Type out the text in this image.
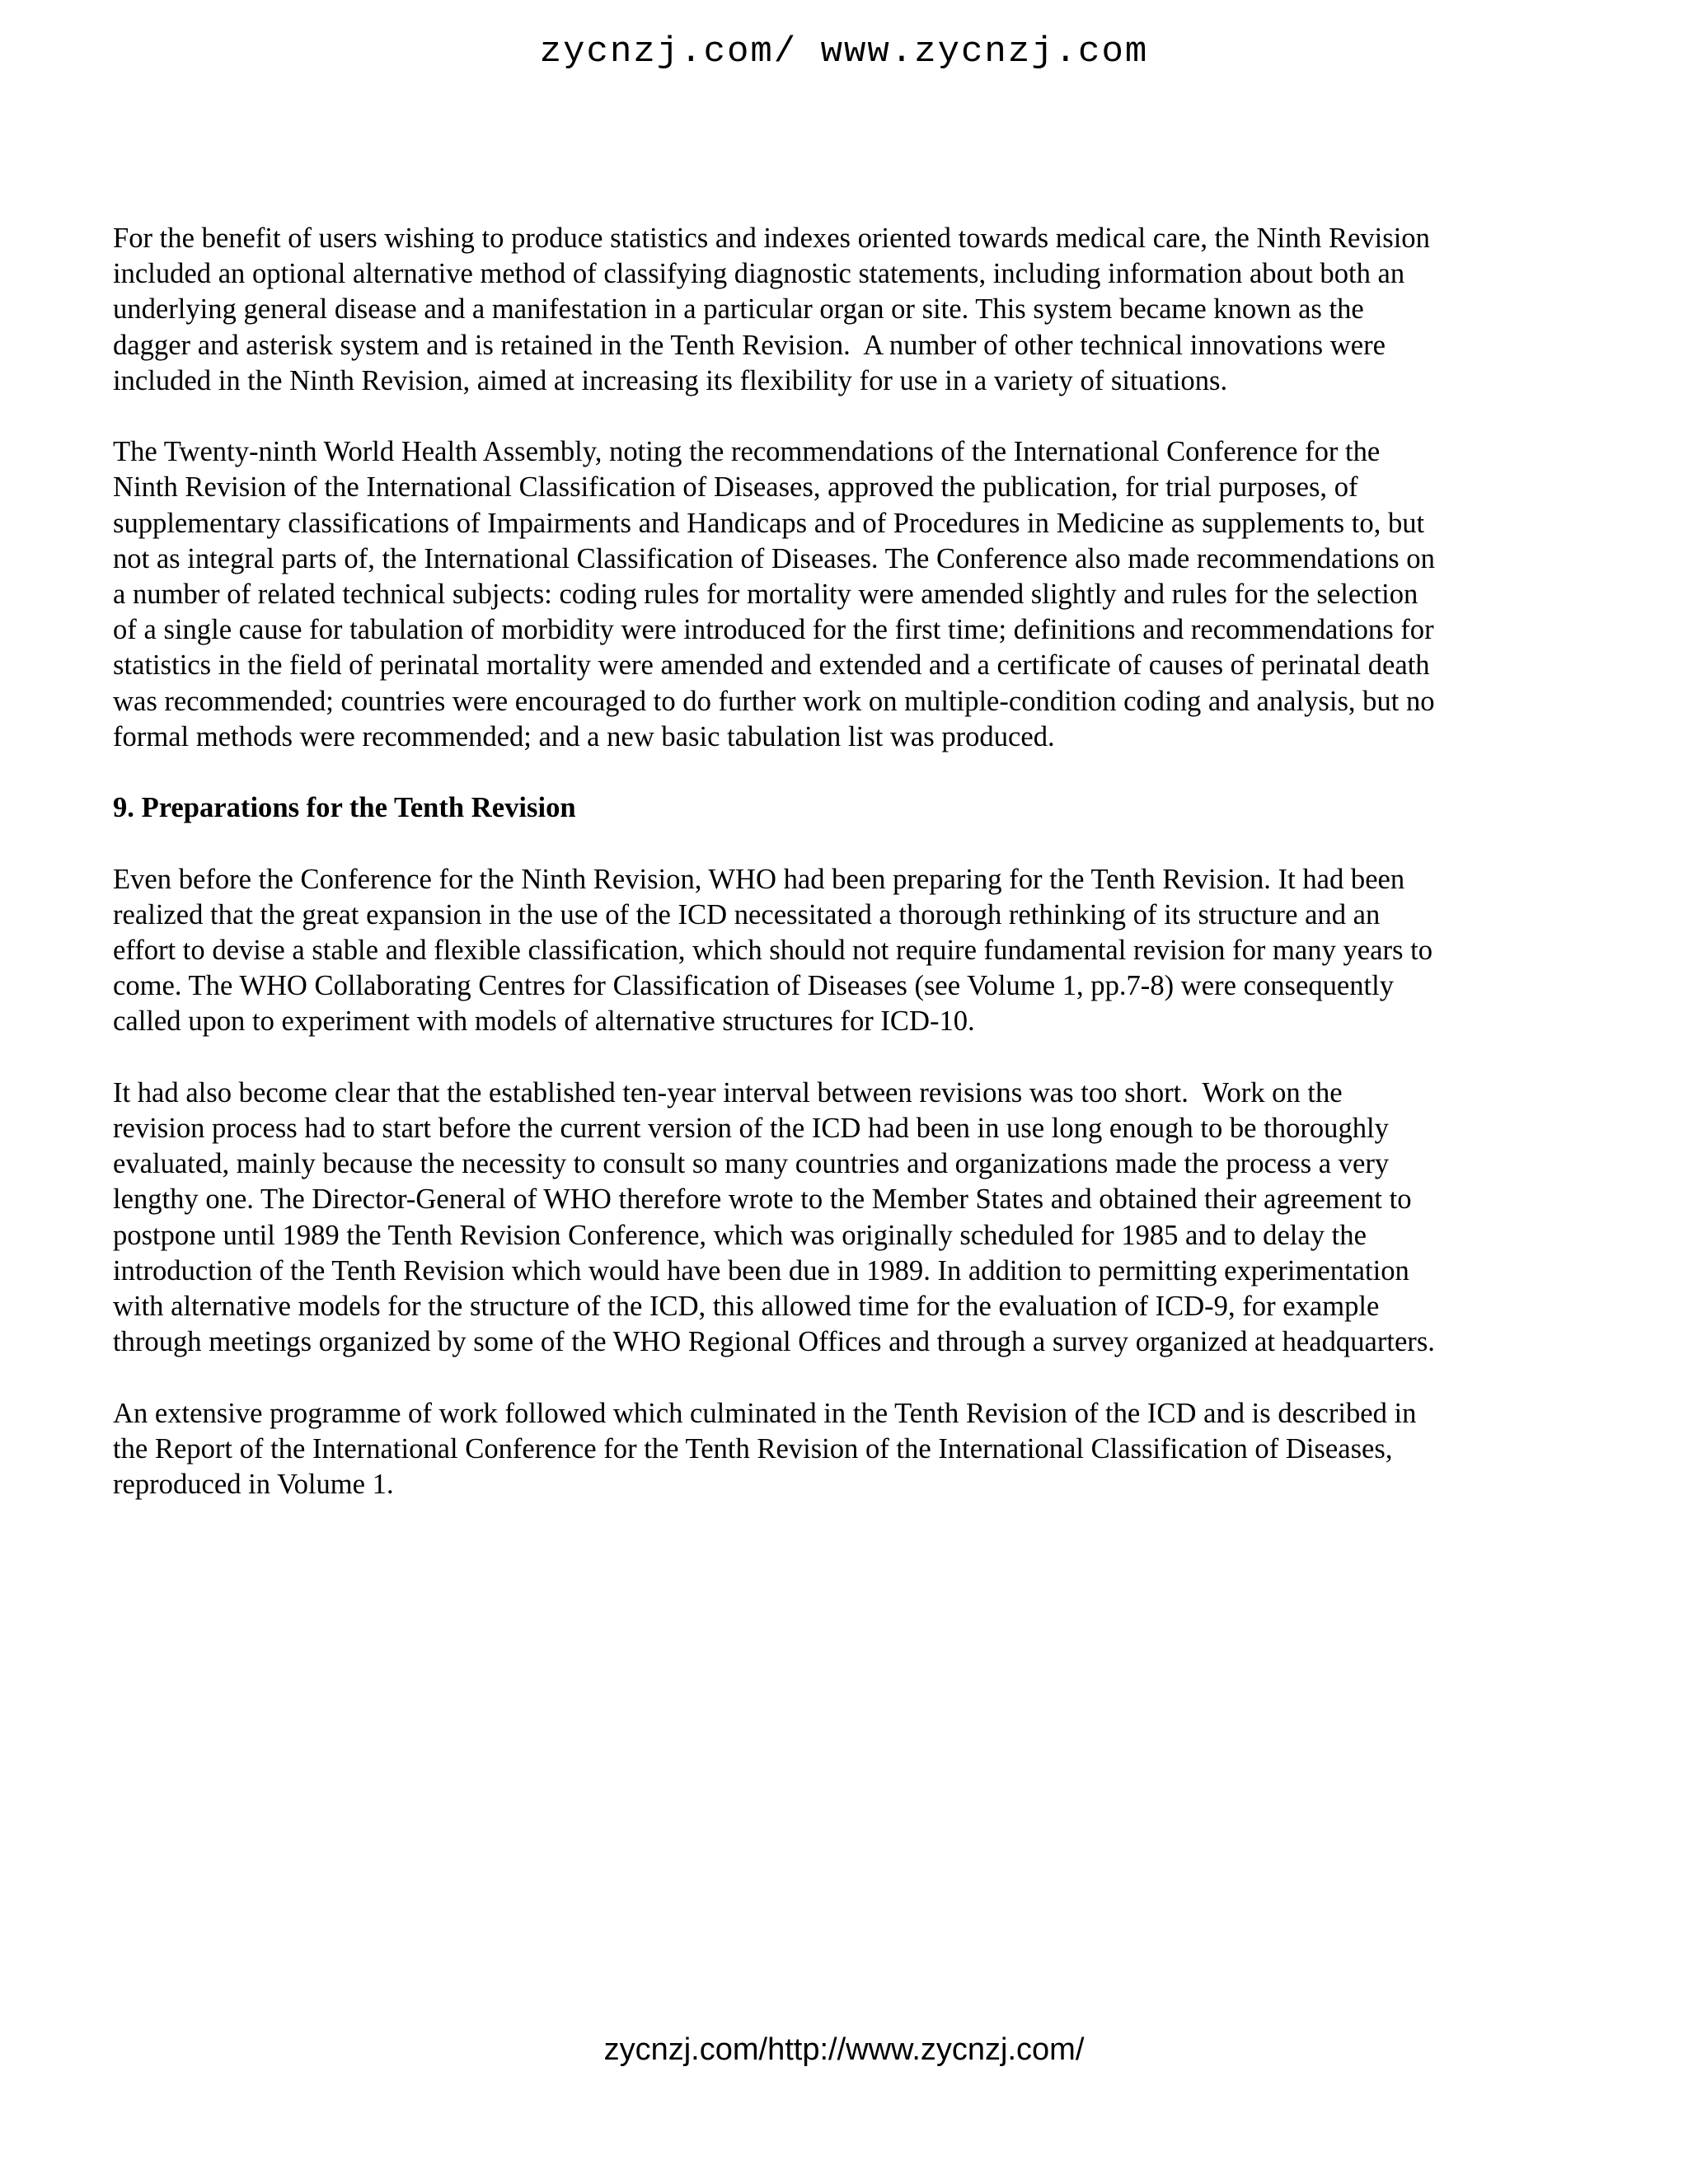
zycnzj.com/ www.zycnzj.com

For the benefit of users wishing to produce statistics and indexes oriented towards medical care, the Ninth Revision
included an optional alternative method of classifying diagnostic statements, including information about both an
underlying general disease and a manifestation in a particular organ or site. This system became known as the
dagger and asterisk system and is retained in the Tenth Revision.  A number of other technical innovations were
included in the Ninth Revision, aimed at increasing its flexibility for use in a variety of situations.

The Twenty-ninth World Health Assembly, noting the recommendations of the International Conference for the
Ninth Revision of the International Classification of Diseases, approved the publication, for trial purposes, of
supplementary classifications of Impairments and Handicaps and of Procedures in Medicine as supplements to, but
not as integral parts of, the International Classification of Diseases. The Conference also made recommendations on
a number of related technical subjects: coding rules for mortality were amended slightly and rules for the selection
of a single cause for tabulation of morbidity were introduced for the first time; definitions and recommendations for
statistics in the field of perinatal mortality were amended and extended and a certificate of causes of perinatal death
was recommended; countries were encouraged to do further work on multiple-condition coding and analysis, but no
formal methods were recommended; and a new basic tabulation list was produced.

9. Preparations for the Tenth Revision

Even before the Conference for the Ninth Revision, WHO had been preparing for the Tenth Revision. It had been
realized that the great expansion in the use of the ICD necessitated a thorough rethinking of its structure and an
effort to devise a stable and flexible classification, which should not require fundamental revision for many years to
come. The WHO Collaborating Centres for Classification of Diseases (see Volume 1, pp.7-8) were consequently
called upon to experiment with models of alternative structures for ICD-10.

It had also become clear that the established ten-year interval between revisions was too short.  Work on the
revision process had to start before the current version of the ICD had been in use long enough to be thoroughly
evaluated, mainly because the necessity to consult so many countries and organizations made the process a very
lengthy one. The Director-General of WHO therefore wrote to the Member States and obtained their agreement to
postpone until 1989 the Tenth Revision Conference, which was originally scheduled for 1985 and to delay the
introduction of the Tenth Revision which would have been due in 1989. In addition to permitting experimentation
with alternative models for the structure of the ICD, this allowed time for the evaluation of ICD-9, for example
through meetings organized by some of the WHO Regional Offices and through a survey organized at headquarters.

An extensive programme of work followed which culminated in the Tenth Revision of the ICD and is described in
the Report of the International Conference for the Tenth Revision of the International Classification of Diseases,
reproduced in Volume 1.

zycnzj.com/http://www.zycnzj.com/
